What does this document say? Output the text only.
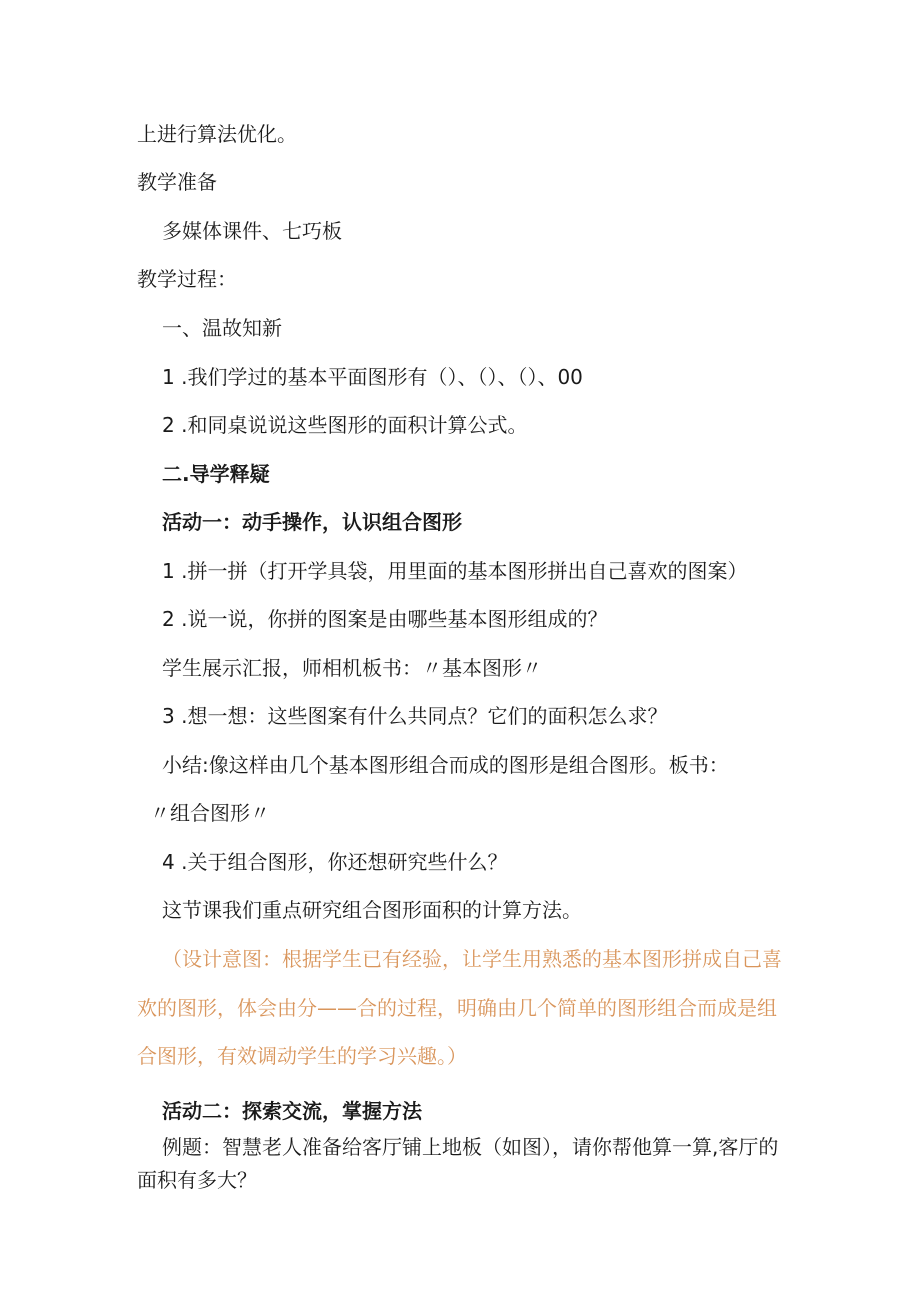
上进行算法优化。

教学准备

多媒体课件、七巧板

教学过程：

一、温故知新

1 .我们学过的基本平面图形有（）、（）、（）、00

2 .和同桌说说这些图形的面积计算公式。

二.导学释疑

活动一：动手操作，认识组合图形

1 .拼一拼（打开学具袋，用里面的基本图形拼出自己喜欢的图案）

2 .说一说，你拼的图案是由哪些基本图形组成的？

学生展示汇报，师相机板书：〃基本图形〃

3 .想一想：这些图案有什么共同点？它们的面积怎么求？

小结:像这样由几个基本图形组合而成的图形是组合图形。板书：

〃组合图形〃

4 .关于组合图形，你还想研究些什么？

这节课我们重点研究组合图形面积的计算方法。

（设计意图：根据学生已有经验，让学生用熟悉的基本图形拼成自己喜

欢的图形，体会由分——合的过程，明确由几个简单的图形组合而成是组

合图形，有效调动学生的学习兴趣。）

活动二：探索交流，掌握方法

例题：智慧老人准备给客厅铺上地板（如图），请你帮他算一算,客厅的

面积有多大？
